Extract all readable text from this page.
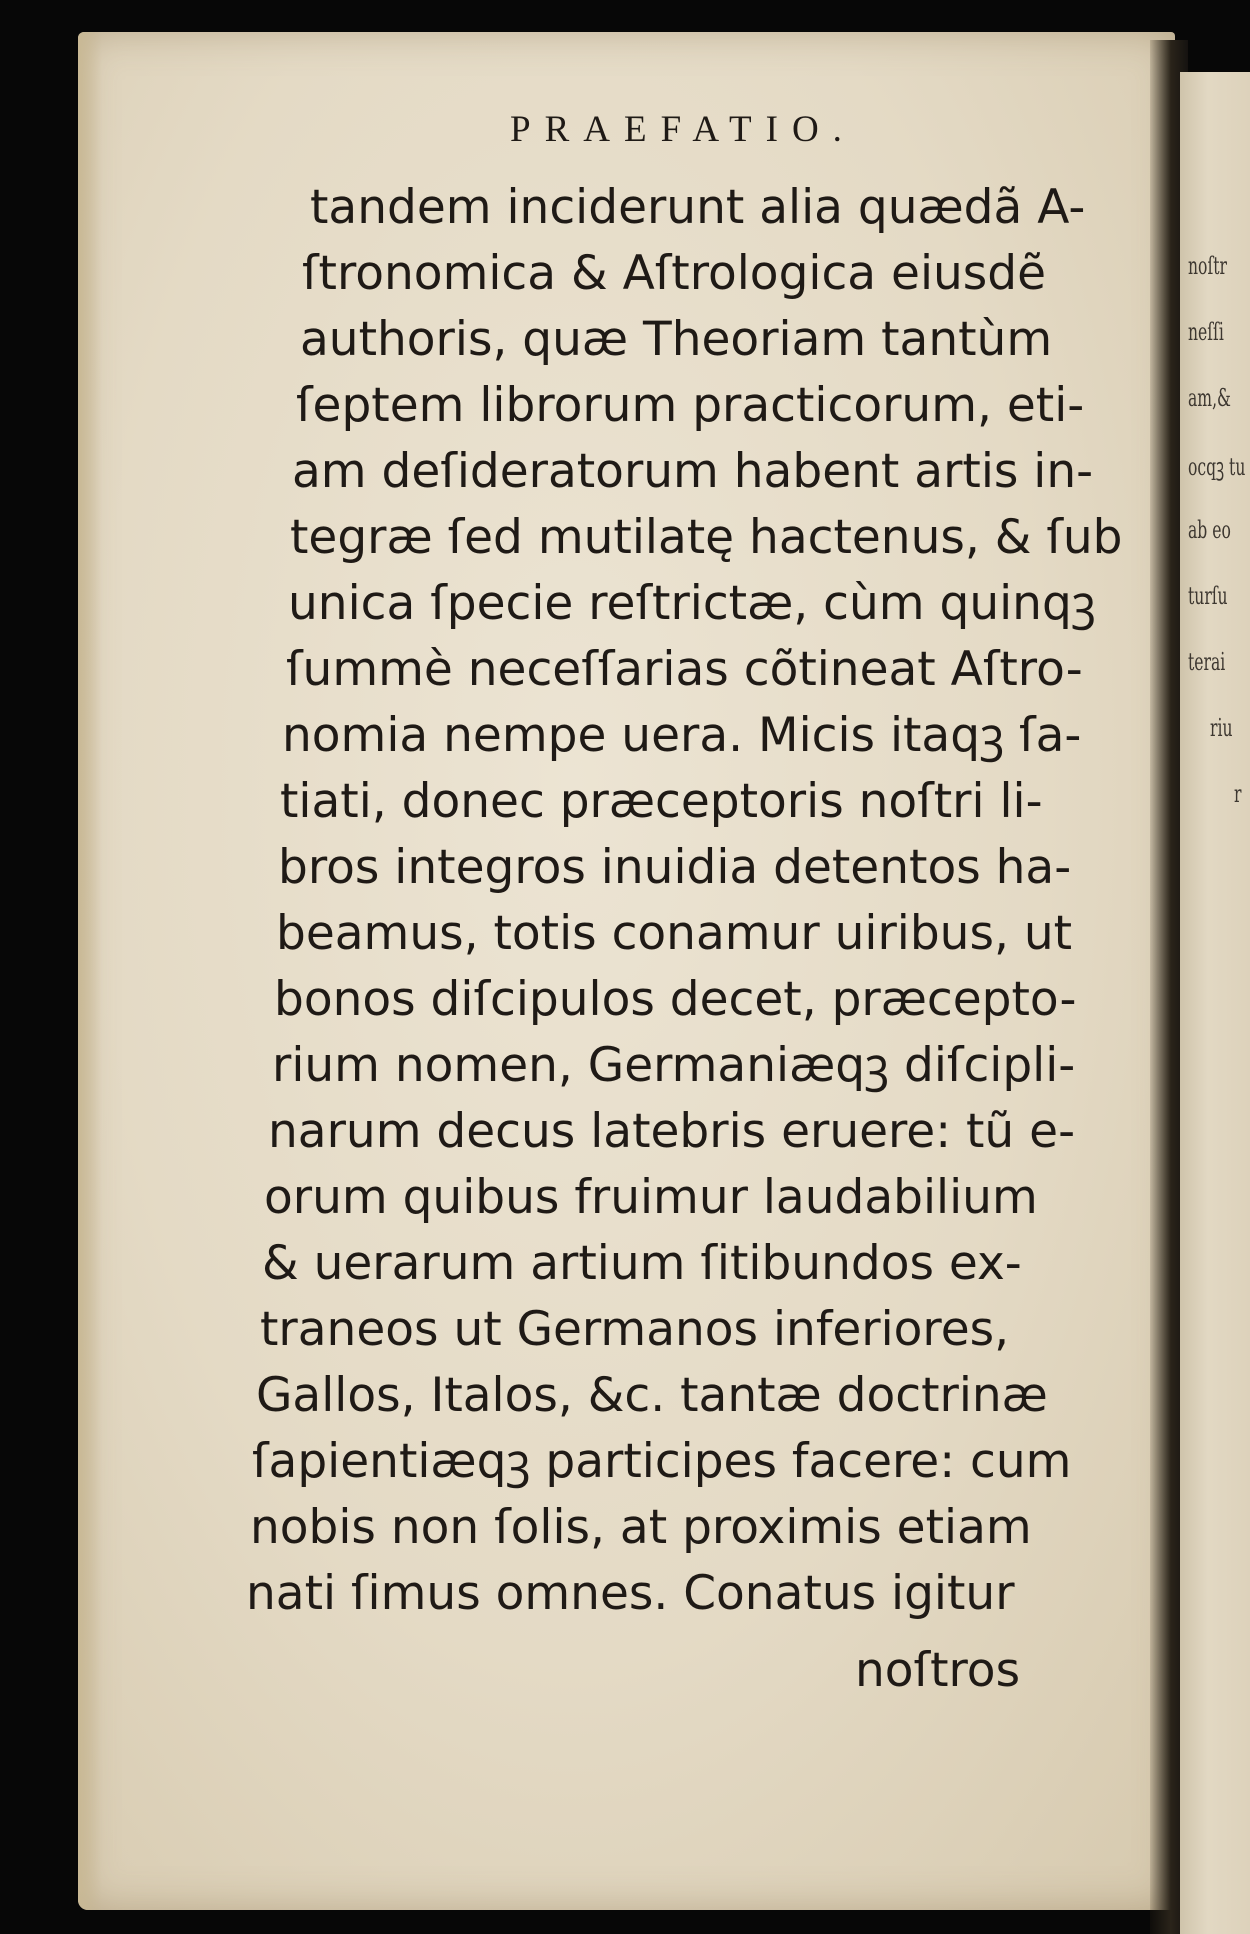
noſtr
neſſi
am,&
ocqꝫ tu
ab eo
turſu
terai
riu
r
PRAEFATIO.
tandem inciderunt alia quædã A-
ſtronomica & Aſtrologica eiusdẽ
authoris, quæ Theoriam tantùm
ſeptem librorum practicorum, eti-
am deſideratorum habent artis in-
tegræ ſed mutilatę hactenus, & ſub
unica ſpecie reſtrictæ, cùm quinqꝫ
ſummè neceſſarias cõtineat Aſtro-
nomia nempe uera. Micis itaqꝫ ſa-
tiati, donec præceptoris noſtri li-
bros integros inuidia detentos ha-
beamus, totis conamur uiribus, ut
bonos diſcipulos decet, præcepto-
rium nomen, Germaniæqꝫ diſcipli-
narum decus latebris eruere: tũ e-
orum quibus fruimur laudabilium
& uerarum artium ſitibundos ex-
traneos ut Germanos inferiores,
Gallos, Italos, &c. tantæ doctrinæ
ſapientiæqꝫ participes facere: cum
nobis non ſolis, at proximis etiam
nati ſimus omnes. Conatus igitur
noſtros
